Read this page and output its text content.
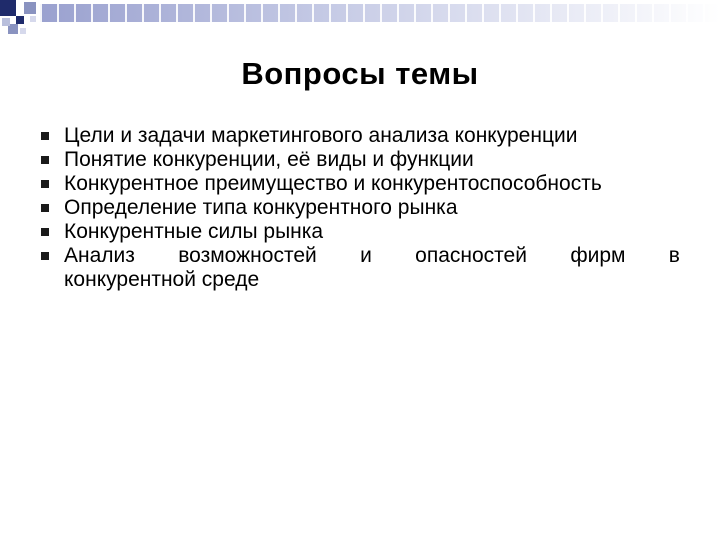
Вопросы темы
Цели и задачи маркетингового анализа конкуренции
Понятие конкуренции, её виды и функции
Конкурентное преимущество и конкурентоспособность
Определение типа конкурентного рынка
Конкурентные силы рынка
Анализ возможностей и опасностей фирм в
конкурентной среде
